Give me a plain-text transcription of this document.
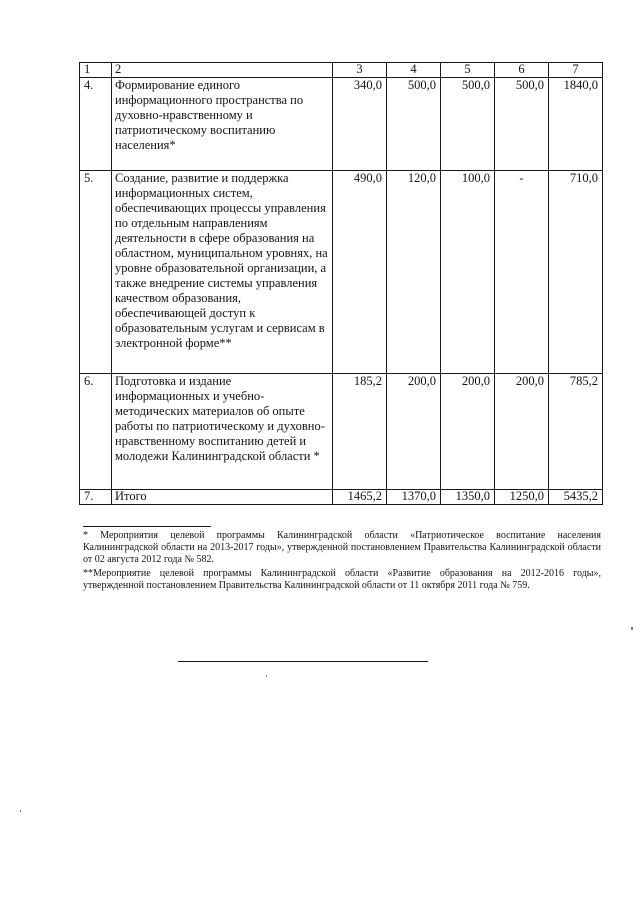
1	2	3	4	5	6	7
4.	Формирование единого информационного пространства по духовно-нравственному и патриотическому воспитанию населения*	340,0	500,0	500,0	500,0	1840,0
5.	Создание, развитие и поддержка информационных систем, обеспечивающих процессы управления по отдельным направлениям деятельности в сфере образования на областном, муниципальном уровнях, на уровне образовательной организации, а также внедрение системы управления качеством образования, обеспечивающей доступ к образовательным услугам и сервисам в электронной форме**	490,0	120,0	100,0	-	710,0
6.	Подготовка и издание информационных и учебно-методических материалов об опыте работы по патриотическому и духовно-нравственному воспитанию детей и молодежи Калининградской области *	185,2	200,0	200,0	200,0	785,2
7.	Итого	1465,2	1370,0	1350,0	1250,0	5435,2

* Мероприятия целевой программы Калининградской области «Патриотическое воспитание населения Калининградской области на 2013-2017 годы», утвержденной постановлением Правительства Калининградской области от 02 августа 2012 года № 582.

**Мероприятие целевой программы Калининградской области «Развитие образования на 2012-2016 годы», утвержденной постановлением Правительства Калининградской области от 11 октября 2011 года № 759.
